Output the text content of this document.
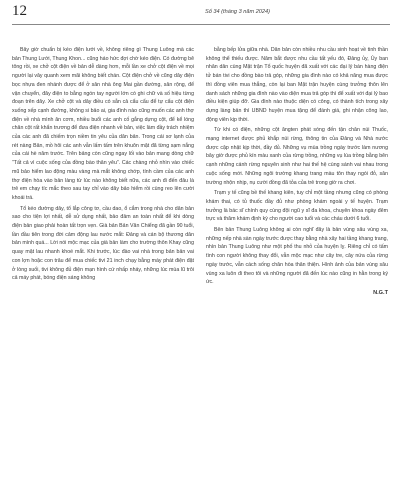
12	Số 34 (tháng 3 năm 2024)

Bây giờ chuẩn bị kéo điện lưới về, không riêng gì Thung Luông mà các bản Thung Lưới, Thung Khon... cũng háo hức đợi chờ kéo điện. Có đường bê tông rồi, xe chở cột điện về bản dễ dàng hơn, mỗi lần xe chở cột điện về mọi người lại vây quanh xem mãi không biết chán. Cột điện chở về cũng dây điện bọc nhựa đen nhánh được để ở sân nhà ông Mai gần đường, sân rộng, để vận chuyển, đây điện to bằng ngón tay người lớn có ghi chữ và số hiệu từng đoạn trên dây. Xe chở cột và dây điều có sẵn cả cẩu cẩu để tự cẩu cột điện xuống xếp cạnh đường, không si bảo ai, gia đình nào cũng muốn các anh thợ điện về nhà mình ăn cơm, nhiều buổi các anh cố gắng dựng cột, để kể lóng chân cột rất khẩn trương để đưa điện nhanh về bản, việc làm đầy trách nhiệm của các anh đã chiếm trọn niềm tin yêu của dân bản. Trong cái sơ lạnh của rét nàng Bân, mồ hôi các anh vẫn lấm tấm trên khuôn mặt đã từng sạm nắng của cái hè năm trước. Trên bảng còn cũng ngay lối vào bản mang dòng chữ “Tất cả vì cuộc sống của đồng bào thân yêu”. Các chàng nhỏ nhìn vào chiếc mũ bảo hiểm lao động màu vàng mà mắt không chớp, tính cầm của các anh thợ điện hòa vào bản làng từ lúc nào không biết nữa, các anh đi đến đâu là trẻ em chạy tíc mắc theo sau tay chỉ vào dây bảo hiểm rồi cùng reo lên cười khoái trá.

Tổ kéo đường dây, tổ lắp công tơ, cầu dao, ổ cắm trong nhà cho dân bản sao cho tiện lợi nhất, dễ sử dụng nhất, bảo đảm an toàn nhất để khi dòng điện bản giao phải hoàn tất trọn vẹn. Già bản Bản Văn Chiểng đã gần 90 tuổi, lần đầu tiên trong đời cảm động lau nước mắt: Đảng và cán bộ thương dân bản mình quá... Lời nói mộc mạc của già bản làm cho trường thôn Khay cũng quay mặt lau nhanh khoé mắt. Khi trước, lúc đào vai nhà trong bản bản vai con lợn hoặc con trâu để mua chiếc tivi 21 inch chạy bằng máy phát điện đặt ở lòng suối, tivi không đủ điện mạn hình cứ nhấp nháy, những lúc mùa lũ trôi cả máy phát, bóng điện sáng không

bằng bếp lửa giữa nhà. Dân bản còn nhiều nhu cầu sinh hoạt về tinh thần không thể thiếu được. Năm bắt được nhu cầu tất yếu đó, Đảng ủy, Ủy ban nhân dân cùng Mặt trận Tổ quốc huyện đã xuất với các đại lý bán hàng điện tử bán tivi cho đồng bào trả góp, những gia đình nào có khả năng mua được thì đồng viên mua thẳng, còn lại ban Mặt trận huyện cùng trưởng thôn lên danh sách những gia đình nào vào diện mua trả góp thì để xuất với đại lý bao điều kiện giúp đỡ. Gia đình nào thuộc diện có công, có thành tích trong xây dựng làng bản thì UBND huyện mua tặng để đánh giá, ghi nhận công lao, động viên kịp thời.

Từ khi có điện, những cột ăngten phát sóng đến tận chân núi Thuốc, mạng internet được phủ khắp núi rừng, thông tin của Đảng và Nhà nước được cập nhật kịp thời, đầy đủ. Những vụ mùa trồng ngày trước làm nương bây giờ được phủ kín màu xanh của rừng trồng, những vụ lúa trồng bằng bên cạnh những cánh rừng nguyên sinh như hai thế hệ cùng sánh vai nhau trong cuộc sống mới. Những ngôi trường khang trang màu tôn thay ngói đỏ, sân trường nhộn nhịp, nụ cười đồng đã tỏa của trẻ trong giờ ra chơi.

Trạm y tế cũng bề thế khang kiên, tuy chỉ một tầng nhưng cũng có phòng khám thai, có tủ thuốc đầy đủ như phòng khám ngoài y tế huyện. Trạm trưởng là bác sĩ chính quy cùng đội ngũ y sĩ đa khoa, chuyên khoa ngày đêm trực và thăm khám định kỳ cho người cao tuổi và các cháu dưới 6 tuổi.

Bên bản Thung Luông không ai còn nghĩ đây là bản vùng sâu vùng xa, những nếp nhà sàn ngày trước được thay bằng nhà xây hai tầng khang trang, nhìn bản Thung Luông như một phố thu nhỏ của huyện lỵ. Riêng chỉ có tấm tình con người không thay đổi, vẫn mộc mạc như cây tre, cây nứa của rừng ngày trước, vẫn cách sống chân hòa thân thiện. Hình ảnh của bản vùng sâu vùng xa luôn đi theo tôi và những người đã đến lúc nào cũng in hằn trong ký ức.

N.G.T
